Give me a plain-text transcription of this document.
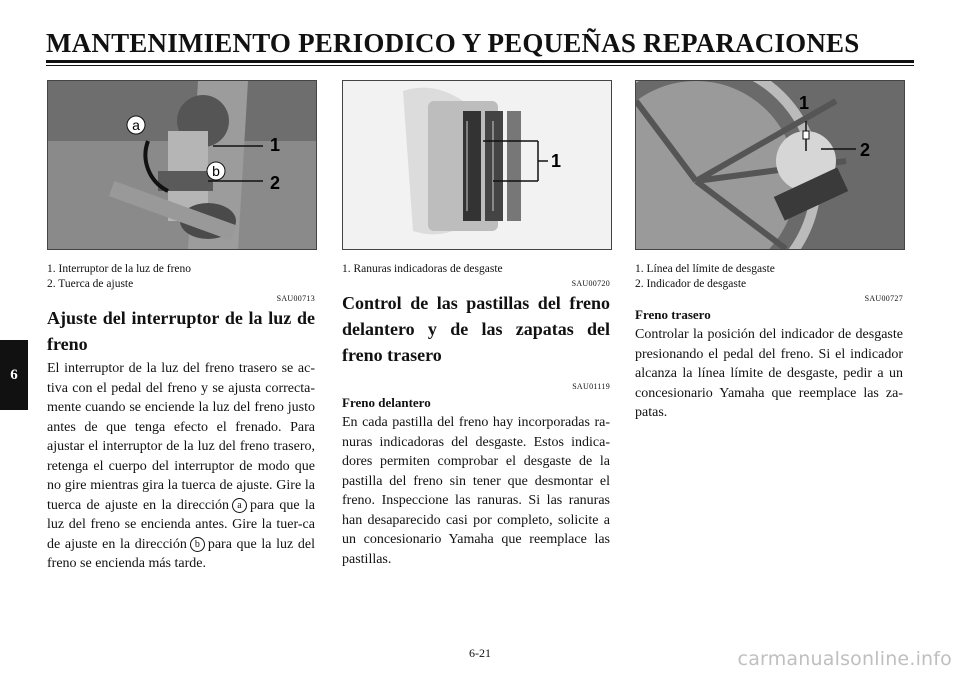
MANTENIMIENTO PERIODICO Y PEQUEÑAS REPARACIONES
6
a
1
b
2
1. Interruptor de la luz de freno
2. Tuerca de ajuste
SAU00713
Ajuste del interruptor de la luz de freno
El interruptor de la luz del freno trasero se ac-tiva con el pedal del freno y se ajusta correcta-mente cuando se enciende la luz del freno justo antes de que tenga efecto el frenado. Para ajustar el interruptor de la luz del freno trasero, retenga el cuerpo del interruptor de modo que no gire mientras gira la tuerca de ajuste. Gire la tuerca de ajuste en la dirección a para que la luz del freno se encienda antes. Gire la tuer-ca de ajuste en la dirección b para que la luz del freno se encienda más tarde.
1
1. Ranuras indicadoras de desgaste
SAU00720
Control de las pastillas del freno delantero y de las zapatas del freno trasero
SAU01119
Freno delantero
En cada pastilla del freno hay incorporadas ra-nuras indicadoras del desgaste. Estos indica-dores permiten comprobar el desgaste de la pastilla del freno sin tener que desmontar el freno. Inspeccione las ranuras. Si las ranuras han desaparecido casi por completo, solicite a un concesionario Yamaha que reemplace las pastillas.
1
2
1. Línea del límite de desgaste
2. Indicador de desgaste
SAU00727
Freno trasero
Controlar la posición del indicador de desgaste presionando el pedal del freno. Si el indicador alcanza la línea límite de desgaste, pedir a un concesionario Yamaha que reemplace las za-patas.
6-21	carmanualsonline.info
